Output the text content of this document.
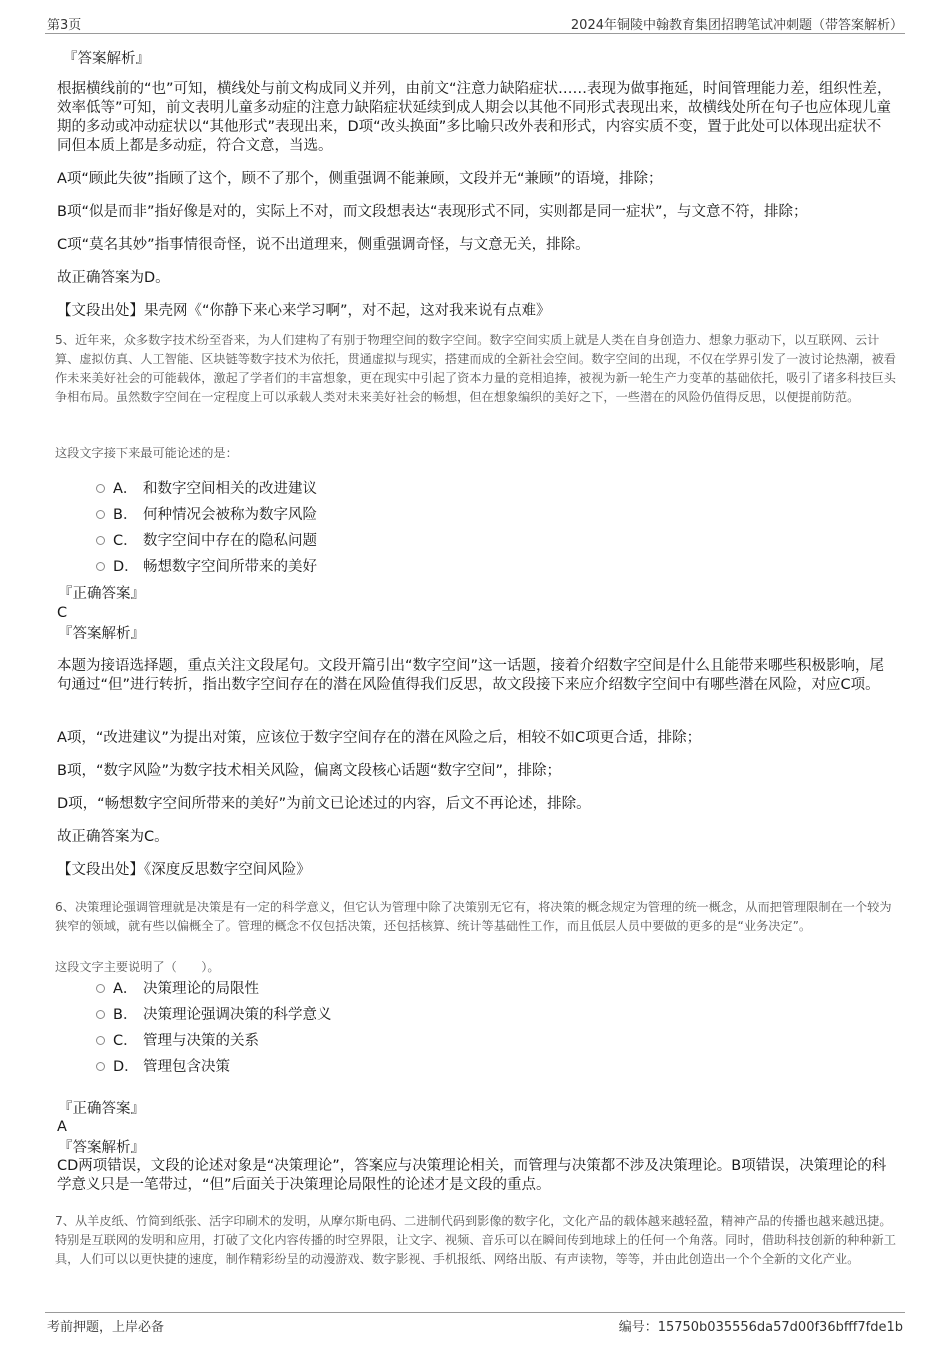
第3页	2024年铜陵中翰教育集团招聘笔试冲刺题（带答案解析）

『答案解析』

根据横线前的“也”可知，横线处与前文构成同义并列，由前文“注意力缺陷症状……表现为做事拖延，时间管理能力差，组织性差，效率低等”可知，前文表明儿童多动症的注意力缺陷症状延续到成人期会以其他不同形式表现出来，故横线处所在句子也应体现儿童期的多动或冲动症状以“其他形式”表现出来，D项“改头换面”多比喻只改外表和形式，内容实质不变，置于此处可以体现出症状不同但本质上都是多动症，符合文意，当选。

A项“顾此失彼”指顾了这个，顾不了那个，侧重强调不能兼顾，文段并无“兼顾”的语境，排除；

B项“似是而非”指好像是对的，实际上不对，而文段想表达“表现形式不同，实则都是同一症状”，与文意不符，排除；

C项“莫名其妙”指事情很奇怪，说不出道理来，侧重强调奇怪，与文意无关，排除。

故正确答案为D。

【文段出处】果壳网《“你静下来心来学习啊”，对不起，这对我来说有点难》

5、近年来，众多数字技术纷至沓来，为人们建构了有别于物理空间的数字空间。数字空间实质上就是人类在自身创造力、想象力驱动下，以互联网、云计算、虚拟仿真、人工智能、区块链等数字技术为依托，贯通虚拟与现实，搭建而成的全新社会空间。数字空间的出现，不仅在学界引发了一波讨论热潮，被看作未来美好社会的可能载体，激起了学者们的丰富想象，更在现实中引起了资本力量的竞相追捧，被视为新一轮生产力变革的基础依托，吸引了诸多科技巨头争相布局。虽然数字空间在一定程度上可以承载人类对未来美好社会的畅想，但在想象编织的美好之下，一些潜在的风险仍值得反思，以便提前防范。

这段文字接下来最可能论述的是：

A． 和数字空间相关的改进建议
B． 何种情况会被称为数字风险
C． 数字空间中存在的隐私问题
D． 畅想数字空间所带来的美好

『正确答案』

C

『答案解析』

本题为接语选择题，重点关注文段尾句。文段开篇引出“数字空间”这一话题，接着介绍数字空间是什么且能带来哪些积极影响，尾句通过“但”进行转折，指出数字空间存在的潜在风险值得我们反思，故文段接下来应介绍数字空间中有哪些潜在风险，对应C项。

A项，“改进建议”为提出对策，应该位于数字空间存在的潜在风险之后，相较不如C项更合适，排除；

B项，“数字风险”为数字技术相关风险，偏离文段核心话题“数字空间”，排除；

D项，“畅想数字空间所带来的美好”为前文已论述过的内容，后文不再论述，排除。

故正确答案为C。

【文段出处】《深度反思数字空间风险》

6、决策理论强调管理就是决策是有一定的科学意义，但它认为管理中除了决策别无它有，将决策的概念规定为管理的统一概念，从而把管理限制在一个较为狭窄的领域，就有些以偏概全了。管理的概念不仅包括决策，还包括核算、统计等基础性工作，而且低层人员中要做的更多的是“业务决定”。

这段文字主要说明了（　　）。

A． 决策理论的局限性
B． 决策理论强调决策的科学意义
C． 管理与决策的关系
D． 管理包含决策

『正确答案』

A

『答案解析』

CD两项错误，文段的论述对象是“决策理论”，答案应与决策理论相关，而管理与决策都不涉及决策理论。B项错误，决策理论的科学意义只是一笔带过，“但”后面关于决策理论局限性的论述才是文段的重点。

7、从羊皮纸、竹简到纸张、活字印刷术的发明，从摩尔斯电码、二进制代码到影像的数字化，文化产品的载体越来越轻盈，精神产品的传播也越来越迅捷。特别是互联网的发明和应用，打破了文化内容传播的时空界限，让文字、视频、音乐可以在瞬间传到地球上的任何一个角落。同时，借助科技创新的种种新工具，人们可以以更快捷的速度，制作精彩纷呈的动漫游戏、数字影视、手机报纸、网络出版、有声读物，等等，并由此创造出一个个全新的文化产业。

考前押题，上岸必备	编号：15750b035556da57d00f36bfff7fde1b
